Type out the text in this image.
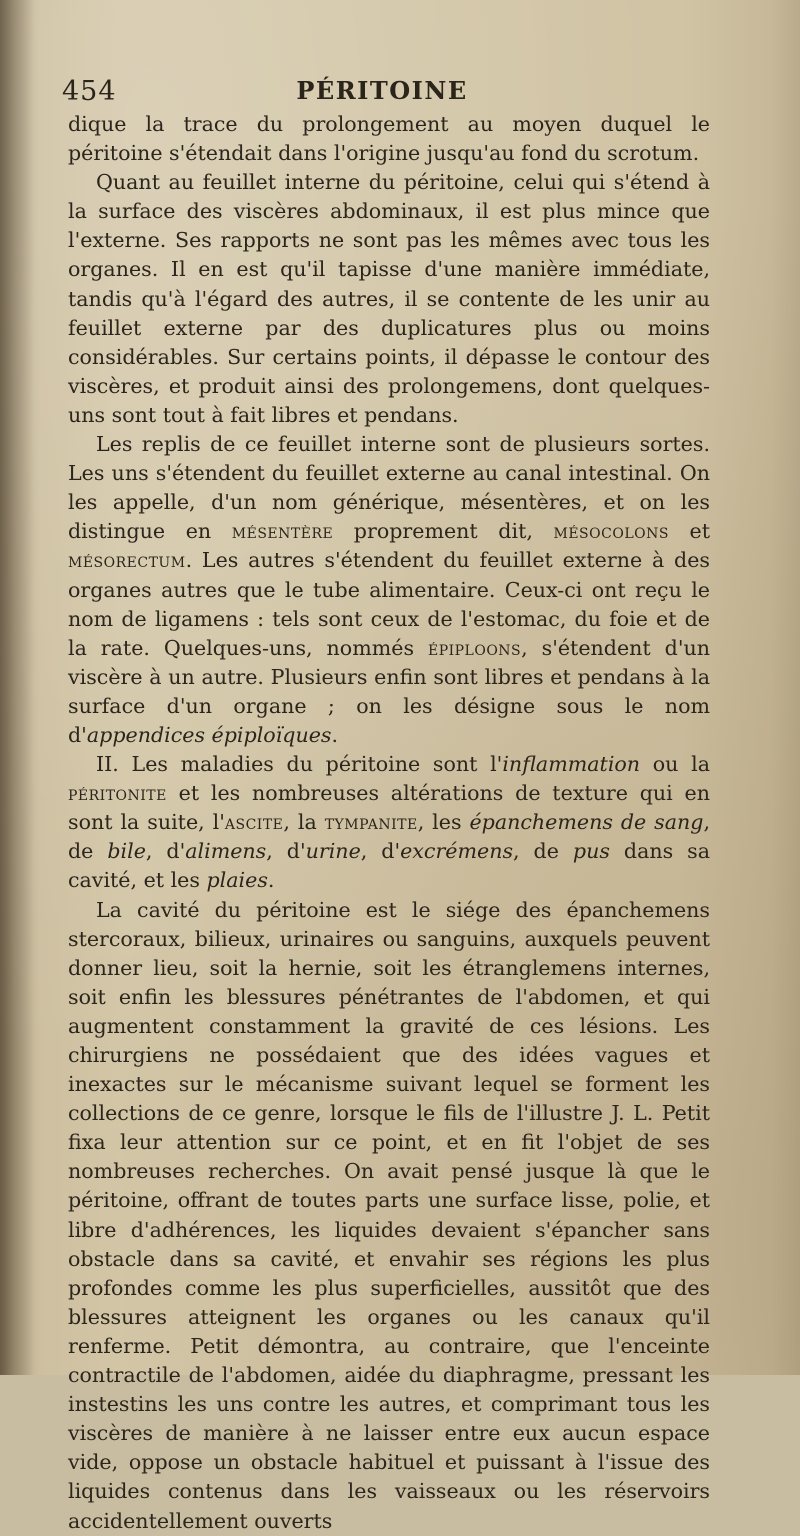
454	PÉRITOINE

dique la trace du prolongement au moyen duquel le péritoine s'étendait dans l'origine jusqu'au fond du scrotum.

Quant au feuillet interne du péritoine, celui qui s'étend à la surface des viscères abdominaux, il est plus mince que l'externe. Ses rapports ne sont pas les mêmes avec tous les organes. Il en est qu'il tapisse d'une manière immédiate, tandis qu'à l'égard des autres, il se contente de les unir au feuillet externe par des duplicatures plus ou moins considérables. Sur certains points, il dépasse le contour des viscères, et produit ainsi des prolongemens, dont quelques-uns sont tout à fait libres et pendans.

Les replis de ce feuillet interne sont de plusieurs sortes. Les uns s'étendent du feuillet externe au canal intestinal. On les appelle, d'un nom générique, mésentères, et on les distingue en mésentère proprement dit, mésocolons et mésorectum. Les autres s'étendent du feuillet externe à des organes autres que le tube alimentaire. Ceux-ci ont reçu le nom de ligamens : tels sont ceux de l'estomac, du foie et de la rate. Quelques-uns, nommés épiploons, s'étendent d'un viscère à un autre. Plusieurs enfin sont libres et pendans à la surface d'un organe ; on les désigne sous le nom d'appendices épiploïques.

II. Les maladies du péritoine sont l'inflammation ou la péritonite et les nombreuses altérations de texture qui en sont la suite, l'ascite, la tympanite, les épanchemens de sang, de bile, d'alimens, d'urine, d'excrémens, de pus dans sa cavité, et les plaies.

La cavité du péritoine est le siége des épanchemens stercoraux, bilieux, urinaires ou sanguins, auxquels peuvent donner lieu, soit la hernie, soit les étranglemens internes, soit enfin les blessures pénétrantes de l'abdomen, et qui augmentent constamment la gravité de ces lésions. Les chirurgiens ne possédaient que des idées vagues et inexactes sur le mécanisme suivant lequel se forment les collections de ce genre, lorsque le fils de l'illustre J. L. Petit fixa leur attention sur ce point, et en fit l'objet de ses nombreuses recherches. On avait pensé jusque là que le péritoine, offrant de toutes parts une surface lisse, polie, et libre d'adhérences, les liquides devaient s'épancher sans obstacle dans sa cavité, et envahir ses régions les plus profondes comme les plus superficielles, aussitôt que des blessures atteignent les organes ou les canaux qu'il renferme. Petit démontra, au contraire, que l'enceinte contractile de l'abdomen, aidée du diaphragme, pressant les instestins les uns contre les autres, et comprimant tous les viscères de manière à ne laisser entre eux aucun espace vide, oppose un obstacle habituel et puissant à l'issue des liquides contenus dans les vaisseaux ou les réservoirs accidentellement ouverts
